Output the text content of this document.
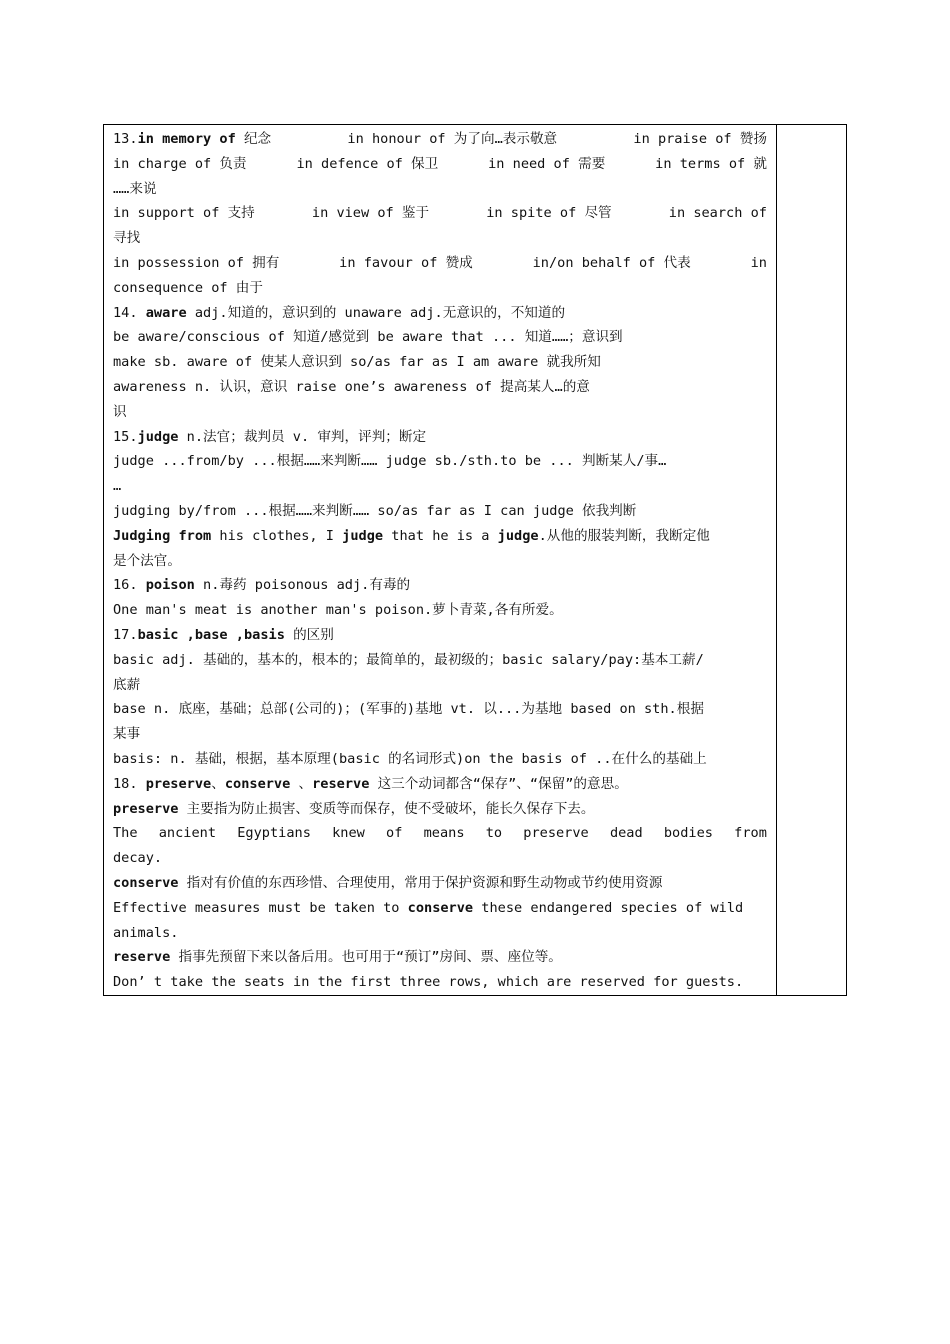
13.in memory of 纪念	in honour of 为了向…表示敬意	in praise of 赞扬
in charge of 负责	in defence of 保卫	in need of 需要	in terms of 就
……来说
in support of 支持	in view of 鉴于	in spite of 尽管	in search of
寻找
in possession of 拥有	in favour of 赞成	in/on behalf of 代表	in
consequence of 由于
14. aware adj.知道的，意识到的 unaware adj.无意识的，不知道的
be aware/conscious of 知道/感觉到 be aware that ... 知道……；意识到
make sb. aware of 使某人意识到 so/as far as I am aware 就我所知
awareness n. 认识，意识 raise one’s awareness of 提高某人…的意
识
15.judge n.法官；裁判员 v. 审判，评判；断定
judge ...from/by ...根据……来判断…… judge sb./sth.to be ... 判断某人/事…
…
judging by/from ...根据……来判断…… so/as far as I can judge 依我判断
Judging from his clothes, I judge that he is a judge.从他的服装判断，我断定他
是个法官。
16. poison n.毒药 poisonous adj.有毒的
One man's meat is another man's poison.萝卜青菜,各有所爱。
17.basic ,base ,basis 的区别
basic adj. 基础的，基本的，根本的；最简单的，最初级的；basic salary/pay:基本工薪/
底薪
base n. 底座，基础；总部(公司的)；(军事的)基地 vt. 以...为基地 based on sth.根据
某事
basis: n. 基础，根据，基本原理(basic 的名词形式)on the basis of ..在什么的基础上
18. preserve、conserve 、reserve 这三个动词都含“保存”、“保留”的意思。
preserve 主要指为防止损害、变质等而保存，使不受破坏，能长久保存下去。
The ancient Egyptians knew of means to preserve dead bodies from
decay.
conserve 指对有价值的东西珍惜、合理使用，常用于保护资源和野生动物或节约使用资源
Effective measures must be taken to conserve these endangered species of wild
animals.
reserve 指事先预留下来以备后用。也可用于“预订”房间、票、座位等。
Don’ t take the seats in the first three rows, which are reserved for guests.
